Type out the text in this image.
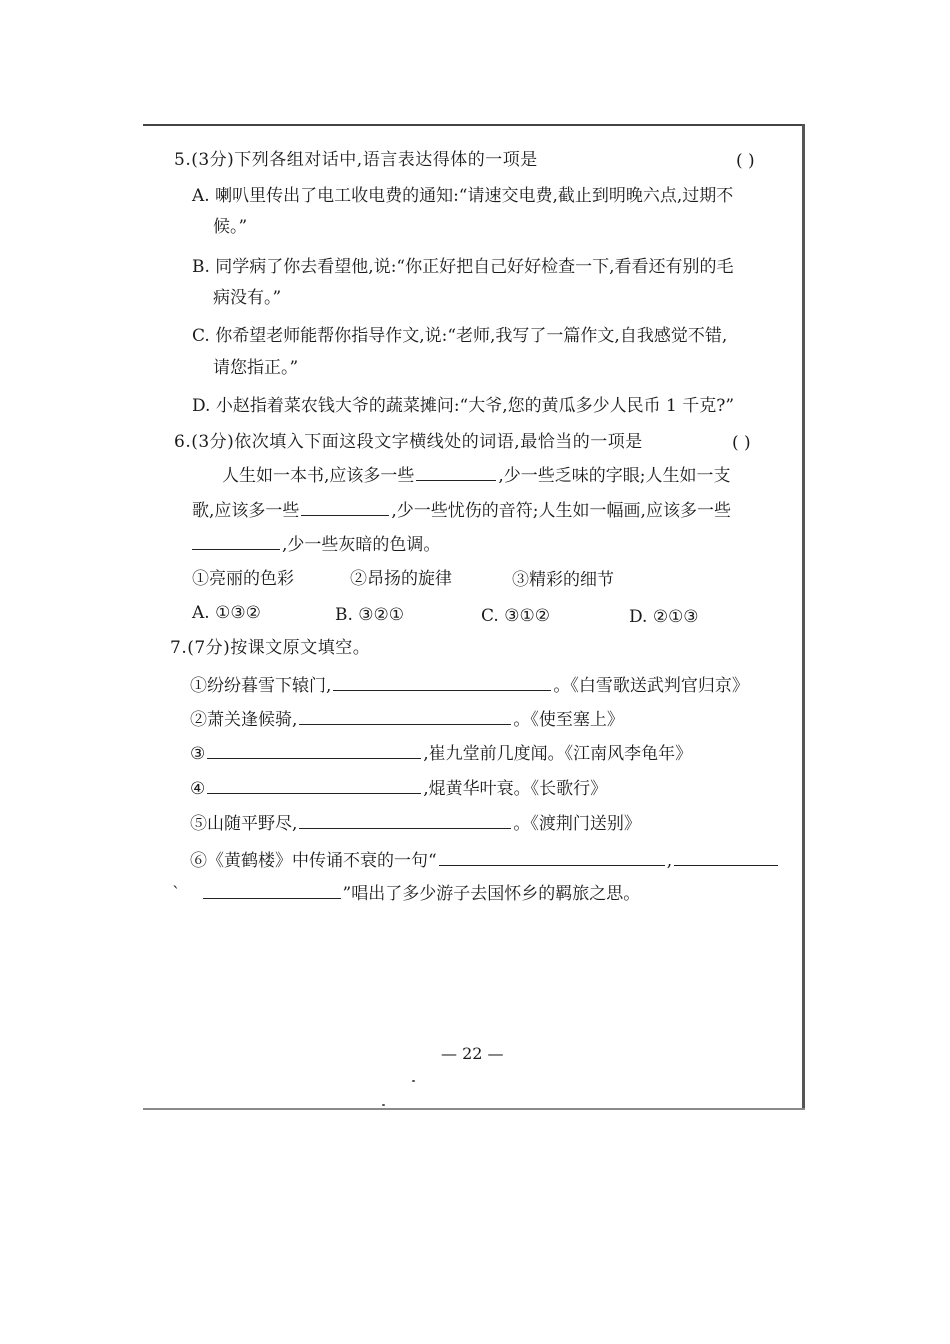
5.(3分)下列各组对话中,语言表达得体的一项是	( )
A. 喇叭里传出了电工收电费的通知:“请速交电费,截止到明晚六点,过期不
候。”
B. 同学病了你去看望他,说:“你正好把自己好好检查一下,看看还有别的毛
病没有。”
C. 你希望老师能帮你指导作文,说:“老师,我写了一篇作文,自我感觉不错,
请您指正。”
D. 小赵指着菜农钱大爷的蔬菜摊问:“大爷,您的黄瓜多少人民币 1 千克?”
6.(3分)依次填入下面这段文字横线处的词语,最恰当的一项是	( )
人生如一本书,应该多一些	,少一些乏味的字眼;人生如一支
歌,应该多一些	,少一些忧伤的音符;人生如一幅画,应该多一些
,少一些灰暗的色调。
①亮丽的色彩	②昂扬的旋律	③精彩的细节
A. ①③②	B. ③②①	C. ③①②	D. ②①③
7.(7分)按课文原文填空。
①纷纷暮雪下辕门,	。《白雪歌送武判官归京》
②萧关逢候骑,	。《使至塞上》
③	,崔九堂前几度闻。《江南风李龟年》
④	,焜黄华叶衰。《长歌行》
⑤山随平野尽,	。《渡荆门送别》
⑥《黄鹤楼》中传诵不衰的一句“	,
`	”唱出了多少游子去国怀乡的羁旅之思。
— 22 —
